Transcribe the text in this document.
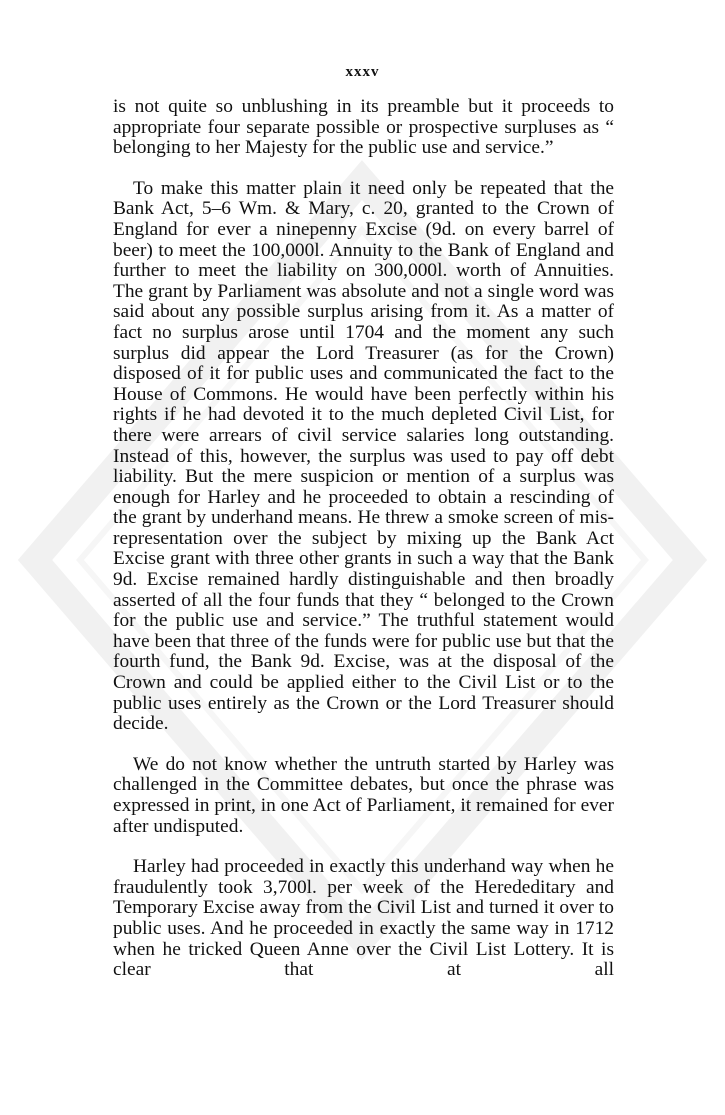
xxxv

is not quite so unblushing in its preamble but it proceeds to appropriate four separate possible or prospective surpluses as “ belonging to her Majesty for the public use and service.”

To make this matter plain it need only be repeated that the Bank Act, 5–6 Wm. & Mary, c. 20, granted to the Crown of England for ever a ninepenny Excise (9d. on every barrel of beer) to meet the 100,000l. Annuity to the Bank of England and further to meet the liability on 300,000l. worth of Annuities. The grant by Parliament was absolute and not a single word was said about any possible surplus arising from it. As a matter of fact no surplus arose until 1704 and the moment any such surplus did appear the Lord Treasurer (as for the Crown) disposed of it for public uses and communicated the fact to the House of Commons. He would have been perfectly within his rights if he had devoted it to the much depleted Civil List, for there were arrears of civil service salaries long outstanding. Instead of this, however, the surplus was used to pay off debt liability. But the mere suspicion or mention of a surplus was enough for Harley and he proceeded to obtain a rescinding of the grant by underhand means. He threw a smoke screen of misrepresentation over the subject by mixing up the Bank Act Excise grant with three other grants in such a way that the Bank 9d. Excise remained hardly distinguishable and then broadly asserted of all the four funds that they “ belonged to the Crown for the public use and service.” The truthful statement would have been that three of the funds were for public use but that the fourth fund, the Bank 9d. Excise, was at the disposal of the Crown and could be applied either to the Civil List or to the public uses entirely as the Crown or the Lord Treasurer should decide.

We do not know whether the untruth started by Harley was challenged in the Committee debates, but once the phrase was expressed in print, in one Act of Parliament, it remained for ever after undisputed.

Harley had proceeded in exactly this underhand way when he fraudulently took 3,700l. per week of the Herededitary and Temporary Excise away from the Civil List and turned it over to public uses. And he proceeded in exactly the same way in 1712 when he tricked Queen Anne over the Civil List Lottery. It is clear that at all
